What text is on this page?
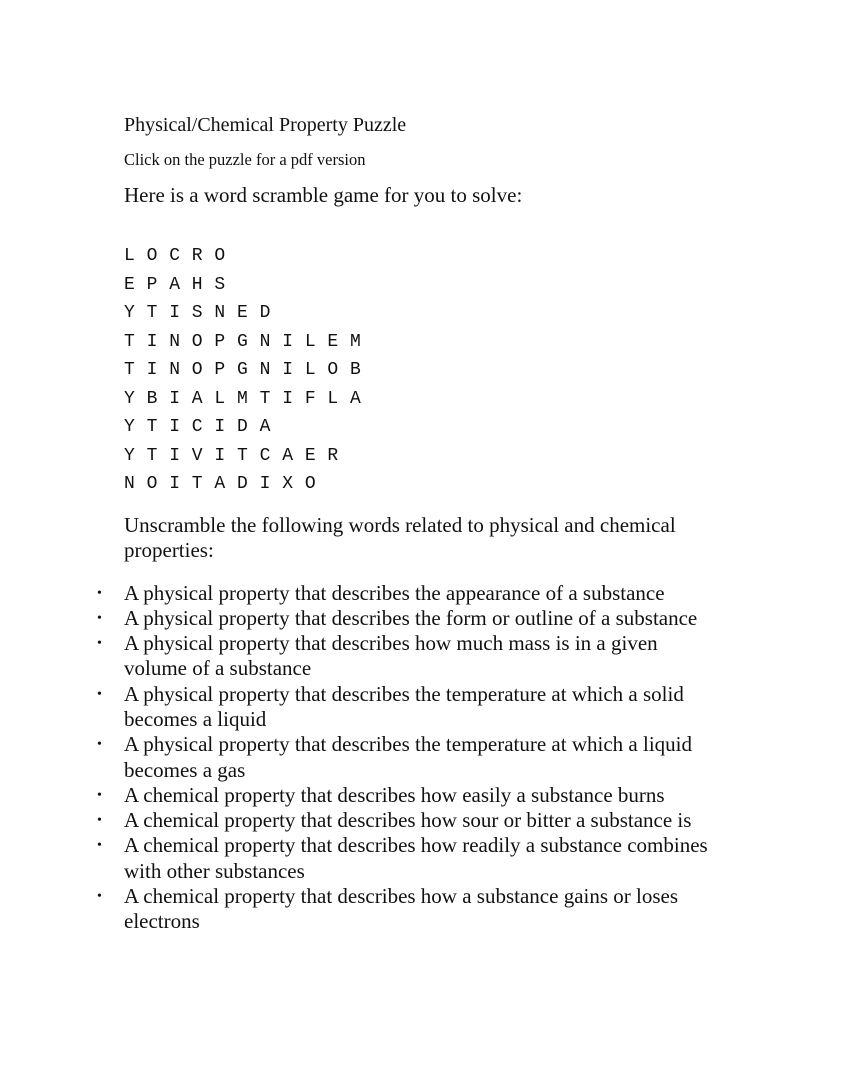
Physical/Chemical Property Puzzle

Click on the puzzle for a pdf version

Here is a word scramble game for you to solve:

L O C R O
E P A H S
Y T I S N E D
T I N O P G N I L E M
T I N O P G N I L O B
Y B I A L M T I F L A
Y T I C I D A
Y T I V I T C A E R
N O I T A D I X O

Unscramble the following words related to physical and chemical properties:

• A physical property that describes the appearance of a substance
• A physical property that describes the form or outline of a substance
• A physical property that describes how much mass is in a given volume of a substance
• A physical property that describes the temperature at which a solid becomes a liquid
• A physical property that describes the temperature at which a liquid becomes a gas
• A chemical property that describes how easily a substance burns
• A chemical property that describes how sour or bitter a substance is
• A chemical property that describes how readily a substance combines with other substances
• A chemical property that describes how a substance gains or loses electrons
